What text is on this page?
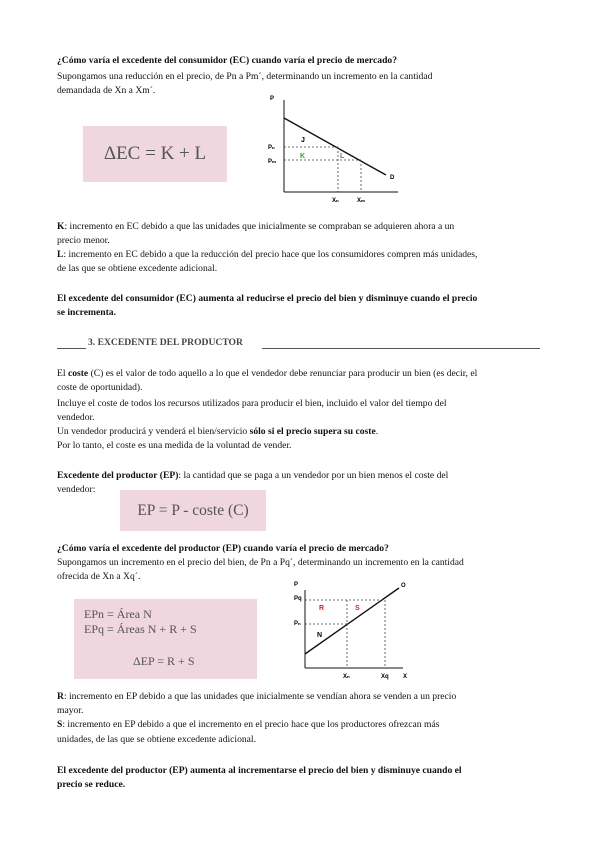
¿Cómo varía el excedente del consumidor (EC) cuando varía el precio de mercado?
Supongamos una reducción en el precio, de Pn a Pm´, determinando un incremento en la cantidad
demandada de Xn a Xm´.
ΔEC = K + L
P
Pₙ
Pₘ
J
K	L
D
Xₙ	Xₘ
K: incremento en EC debido a que las unidades que inicialmente se compraban se adquieren ahora a un
precio menor.
L: incremento en EC debido a que la reducción del precio hace que los consumidores compren más unidades,
de las que se obtiene excedente adicional.
El excedente del consumidor (EC) aumenta al reducirse el precio del bien y disminuye cuando el precio
se incrementa.
3. EXCEDENTE DEL PRODUCTOR
El coste (C) es el valor de todo aquello a lo que el vendedor debe renunciar para producir un bien (es decir, el
coste de oportunidad).
Incluye el coste de todos los recursos utilizados para producir el bien, incluido el valor del tiempo del
vendedor.
Un vendedor producirá y venderá el bien/servicio sólo si el precio supera su coste.
Por lo tanto, el coste es una medida de la voluntad de vender.
Excedente del productor (EP): la cantidad que se paga a un vendedor por un bien menos el coste del
vendedor:
EP = P - coste (C)
¿Cómo varía el excedente del productor (EP) cuando varía el precio de mercado?
Supongamos un incremento en el precio del bien, de Pn a Pq´, determinando un incremento en la cantidad
ofrecida de Xn a Xq´.
EPn = Área N
EPq = Áreas N + R + S
ΔEP = R + S
P
Pq
Pₙ
R	S
N
O
Xₙ	Xq X
R: incremento en EP debido a que las unidades que inicialmente se vendían ahora se venden a un precio
mayor.
S: incremento en EP debido a que el incremento en el precio hace que los productores ofrezcan más
unidades, de las que se obtiene excedente adicional.
El excedente del productor (EP) aumenta al incrementarse el precio del bien y disminuye cuando el
precio se reduce.
